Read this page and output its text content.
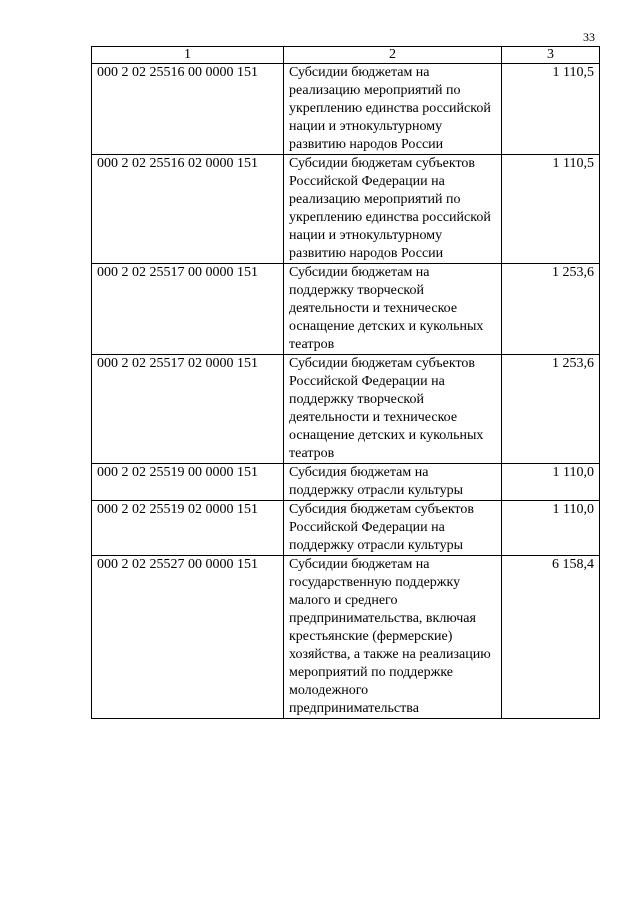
33
1	2	3
000 2 02 25516 00 0000 151	Субсидии бюджетам на реализацию мероприятий по укреплению единства российской нации и этнокультурному развитию народов России	1 110,5
000 2 02 25516 02 0000 151	Субсидии бюджетам субъектов Российской Федерации на реализацию мероприятий по укреплению единства российской нации и этнокультурному развитию народов России	1 110,5
000 2 02 25517 00 0000 151	Субсидии бюджетам на поддержку творческой деятельности и техническое оснащение детских и кукольных театров	1 253,6
000 2 02 25517 02 0000 151	Субсидии бюджетам субъектов Российской Федерации на поддержку творческой деятельности и техническое оснащение детских и кукольных театров	1 253,6
000 2 02 25519 00 0000 151	Субсидия бюджетам на поддержку отрасли культуры	1 110,0
000 2 02 25519 02 0000 151	Субсидия бюджетам субъектов Российской Федерации на поддержку отрасли культуры	1 110,0
000 2 02 25527 00 0000 151	Субсидии бюджетам на государственную поддержку малого и среднего предпринимательства, включая крестьянские (фермерские) хозяйства, а также на реализацию мероприятий по поддержке молодежного предпринимательства	6 158,4
